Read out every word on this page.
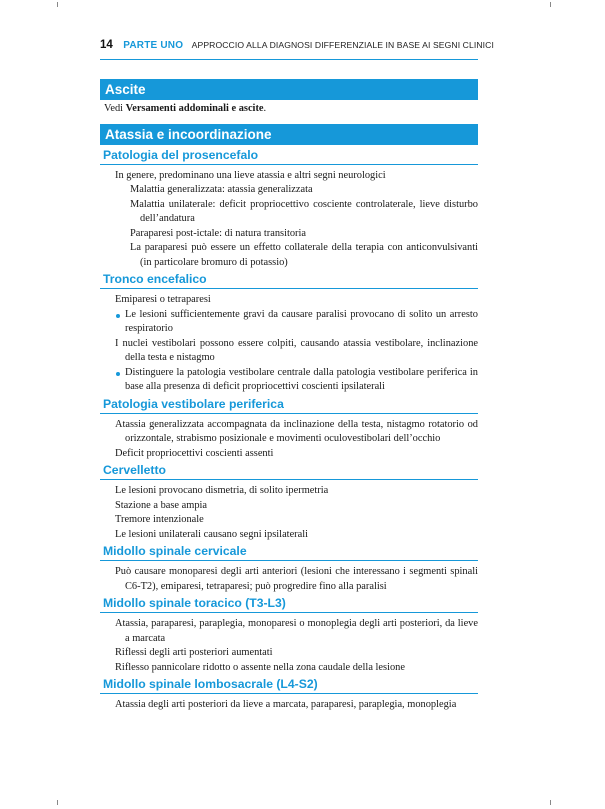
14 PARTE UNO APPROCCIO ALLA DIAGNOSI DIFFERENZIALE IN BASE AI SEGNI CLINICI
Ascite
Vedi Versamenti addominali e ascite.
Atassia e incoordinazione
Patologia del prosencefalo
In genere, predominano una lieve atassia e altri segni neurologici
Malattia generalizzata: atassia generalizzata
Malattia unilaterale: deficit propriocettivo cosciente controlaterale, lieve disturbo dell’andatura
Paraparesi post-ictale: di natura transitoria
La paraparesi può essere un effetto collaterale della terapia con anticonvulsivanti (in particolare bromuro di potassio)
Tronco encefalico
Emiparesi o tetraparesi
Le lesioni sufficientemente gravi da causare paralisi provocano di solito un arresto respiratorio
I nuclei vestibolari possono essere colpiti, causando atassia vestibolare, inclinazione della testa e nistagmo
Distinguere la patologia vestibolare centrale dalla patologia vestibolare periferica in base alla presenza di deficit propriocettivi coscienti ipsilaterali
Patologia vestibolare periferica
Atassia generalizzata accompagnata da inclinazione della testa, nistagmo rotatorio od orizzontale, strabismo posizionale e movimenti oculovestibolari dell’occhio
Deficit propriocettivi coscienti assenti
Cervelletto
Le lesioni provocano dismetria, di solito ipermetria
Stazione a base ampia
Tremore intenzionale
Le lesioni unilaterali causano segni ipsilaterali
Midollo spinale cervicale
Può causare monoparesi degli arti anteriori (lesioni che interessano i segmenti spinali C6-T2), emiparesi, tetraparesi; può progredire fino alla paralisi
Midollo spinale toracico (T3-L3)
Atassia, paraparesi, paraplegia, monoparesi o monoplegia degli arti posteriori, da lieve a marcata
Riflessi degli arti posteriori aumentati
Riflesso pannicolare ridotto o assente nella zona caudale della lesione
Midollo spinale lombosacrale (L4-S2)
Atassia degli arti posteriori da lieve a marcata, paraparesi, paraplegia, monoplegia
